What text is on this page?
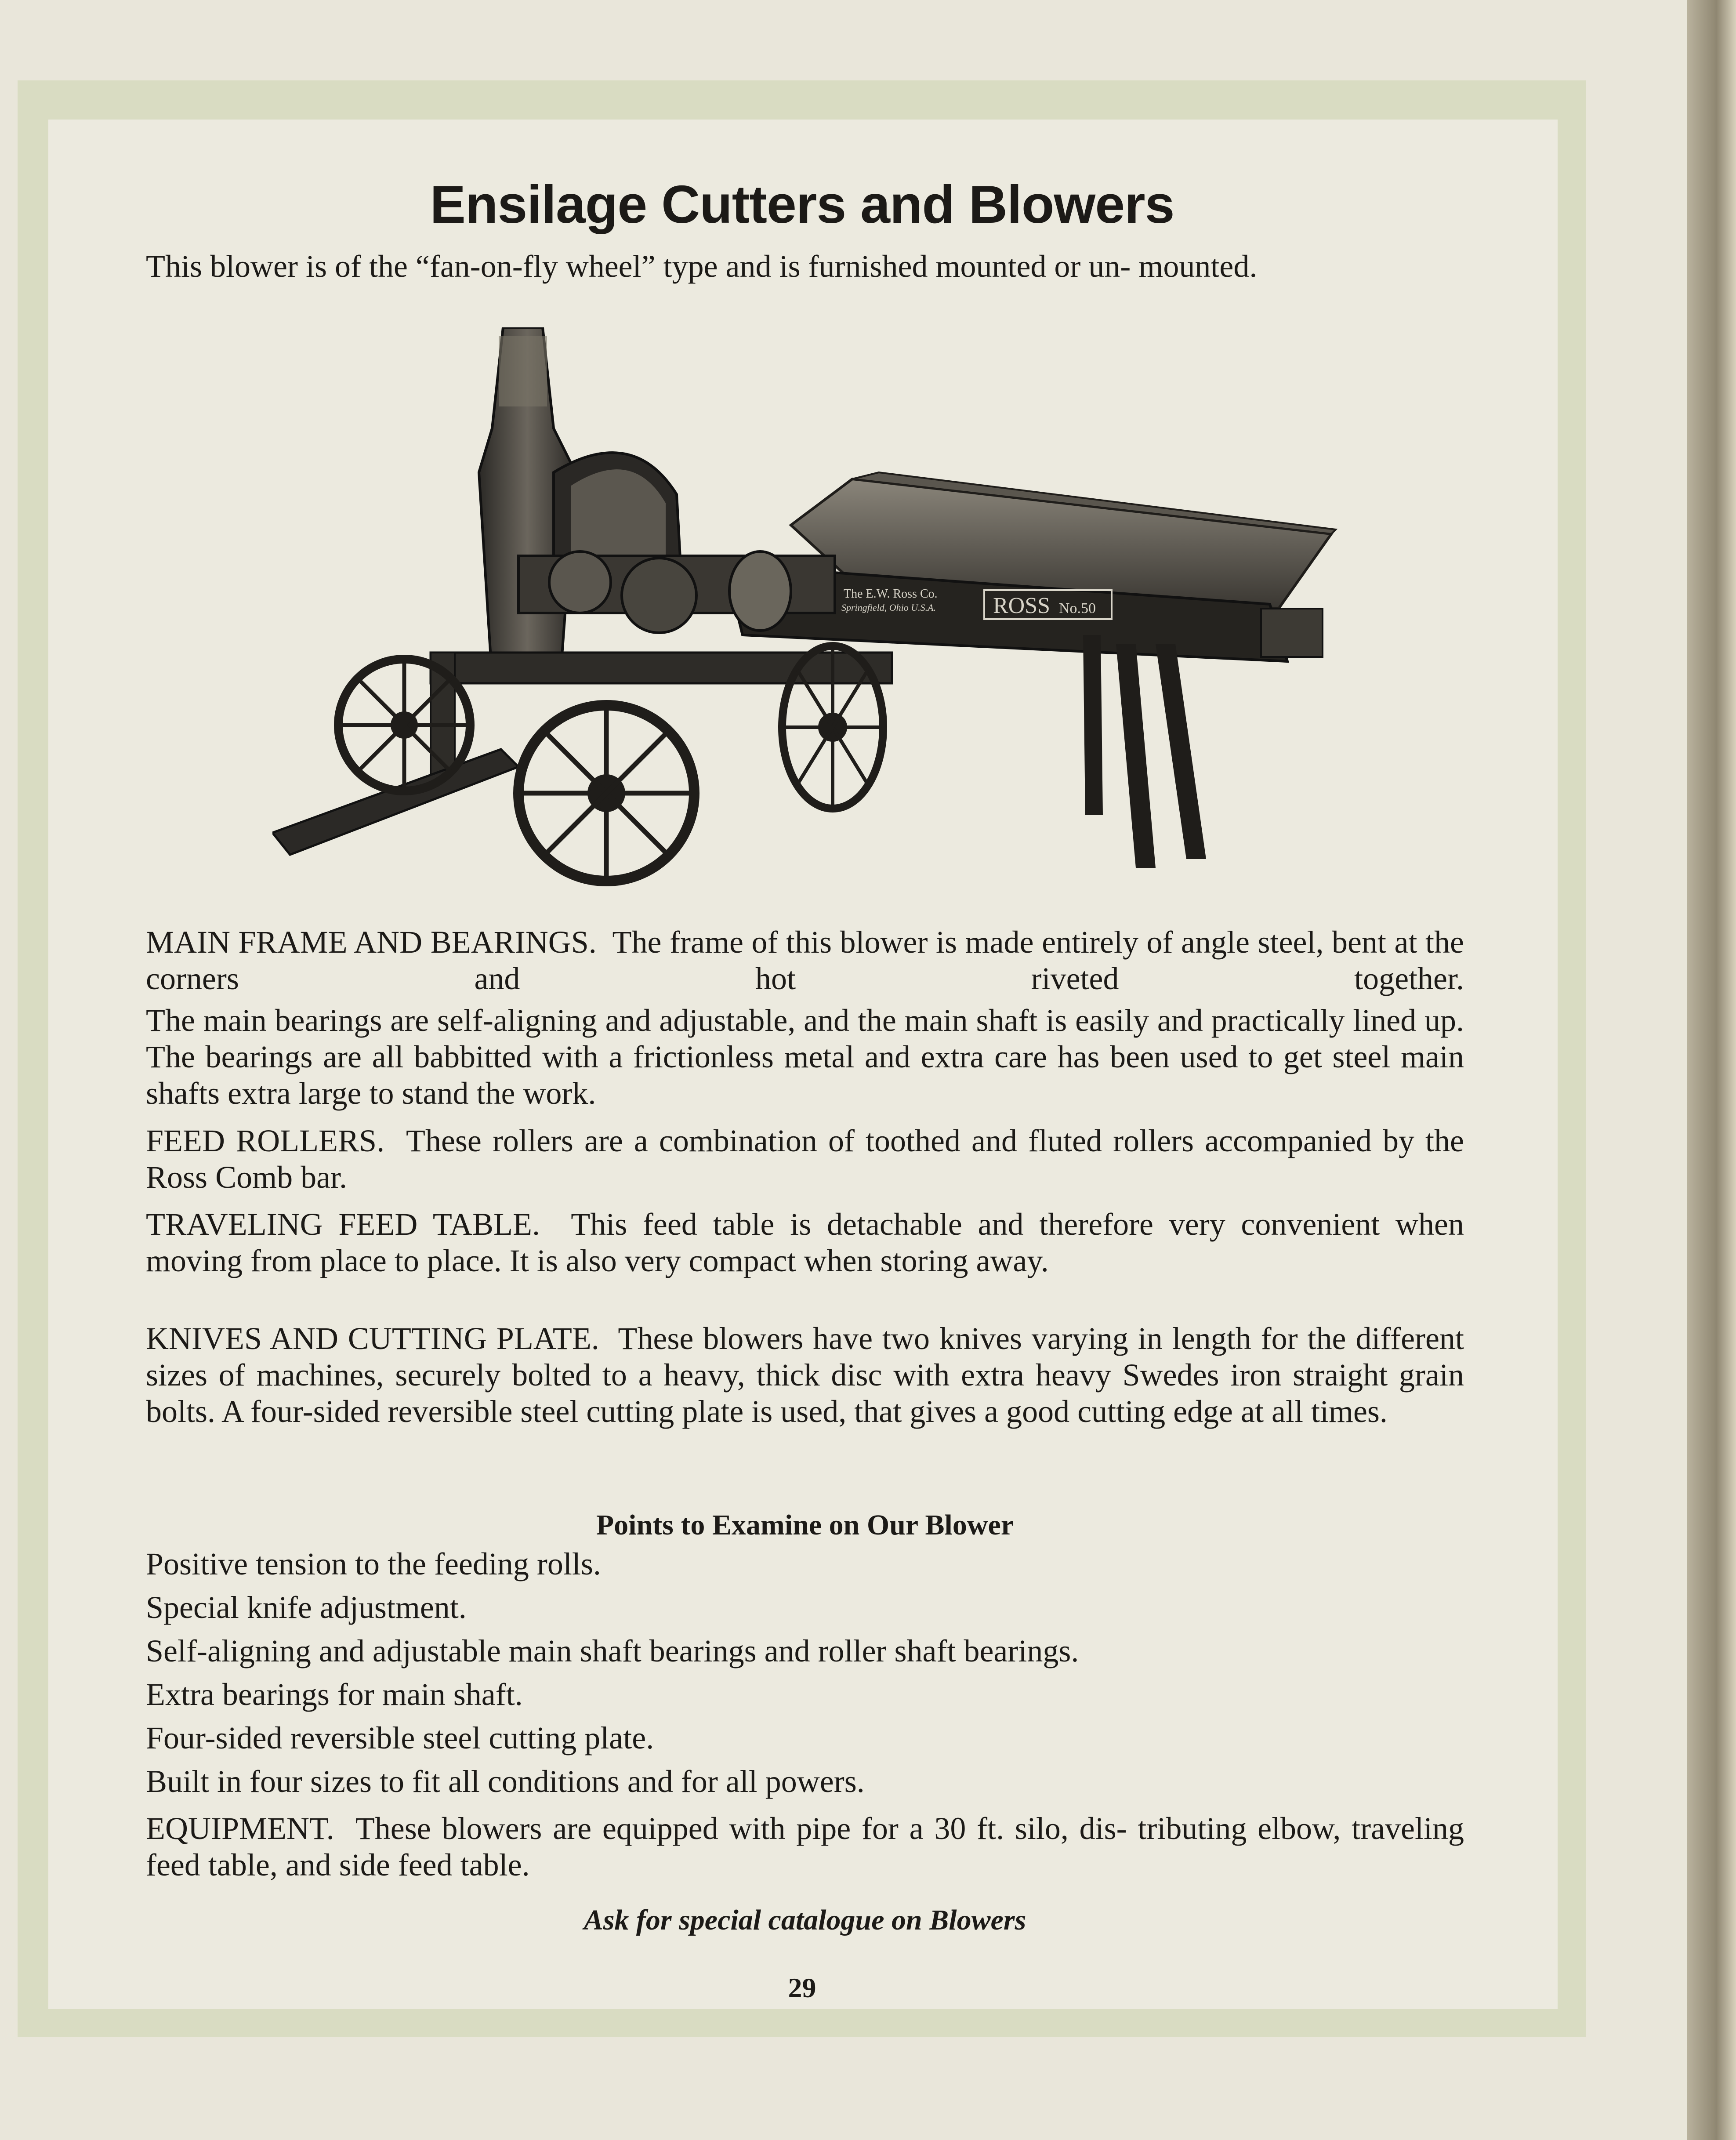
Ensilage Cutters and Blowers

This blower is of the “fan-on-fly wheel” type and is furnished mounted or un- mounted.

The E.W. Ross Co.
Springfield, Ohio U.S.A. ROSS No.50

MAIN FRAME AND BEARINGS. The frame of this blower is made entirely of angle steel, bent at the corners and hot riveted together.

The main bearings are self-aligning and adjustable, and the main shaft is easily and practically lined up. The bearings are all babbitted with a frictionless metal and extra care has been used to get steel main shafts extra large to stand the work.

FEED ROLLERS. These rollers are a combination of toothed and fluted rollers accompanied by the Ross Comb bar.

TRAVELING FEED TABLE. This feed table is detachable and therefore very convenient when moving from place to place. It is also very compact when storing away.

KNIVES AND CUTTING PLATE. These blowers have two knives varying in length for the different sizes of machines, securely bolted to a heavy, thick disc with extra heavy Swedes iron straight grain bolts. A four-sided reversible steel cutting plate is used, that gives a good cutting edge at all times.

Points to Examine on Our Blower

Positive tension to the feeding rolls.

Special knife adjustment.

Self-aligning and adjustable main shaft bearings and roller shaft bearings.

Extra bearings for main shaft.

Four-sided reversible steel cutting plate.

Built in four sizes to fit all conditions and for all powers.

EQUIPMENT. These blowers are equipped with pipe for a 30 ft. silo, dis- tributing elbow, traveling feed table, and side feed table.

Ask for special catalogue on Blowers

29
